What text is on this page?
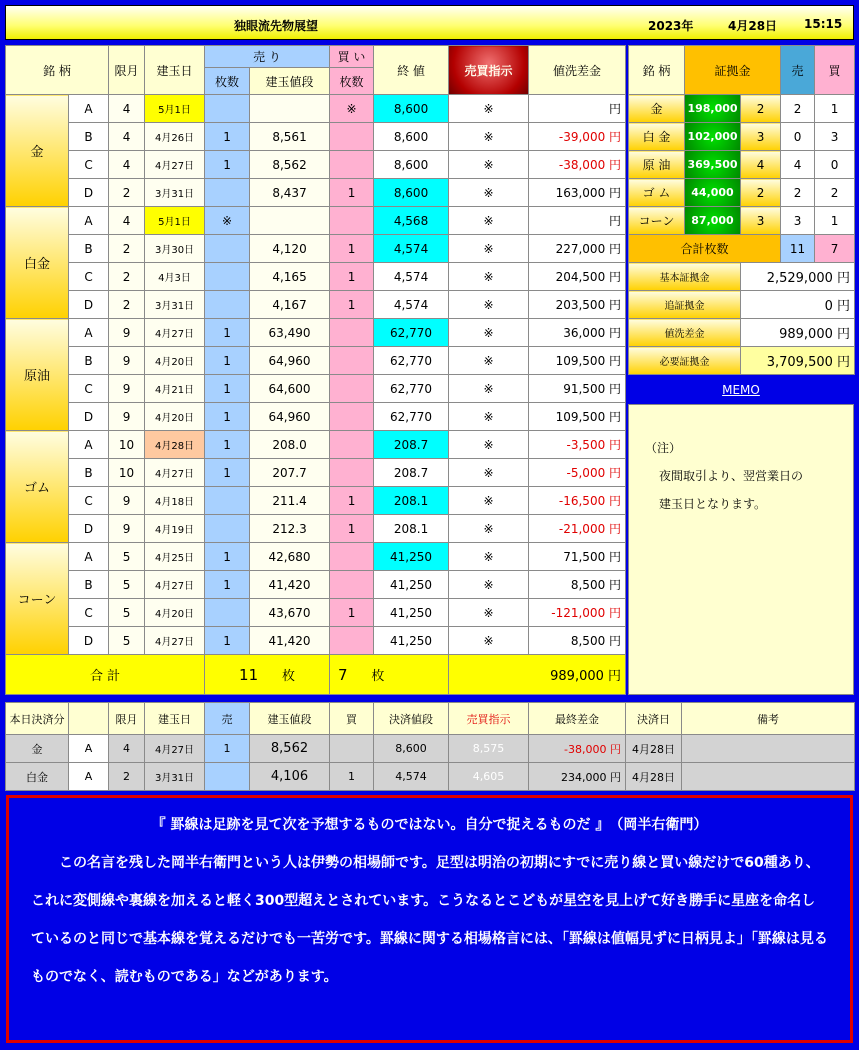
独眼流先物展望	2023年	4月28日 15:15
銘 柄		限月	建玉日	売 り		買 い	終 値	売買指示	値洗差金
				枚数	建玉値段	枚数			
金	A	4	5月1日			※	8,600	※	円
	B	4	4月26日	1	8,561		8,600	※	-39,000 円
	C	4	4月27日	1	8,562		8,600	※	-38,000 円
	D	2	3月31日		8,437	1	8,600	※	163,000 円
白金	A	4	5月1日	※			4,568	※	円
	B	2	3月30日		4,120	1	4,574	※	227,000 円
	C	2	4月3日		4,165	1	4,574	※	204,500 円
	D	2	3月31日		4,167	1	4,574	※	203,500 円
原油	A	9	4月27日	1	63,490		62,770	※	36,000 円
	B	9	4月20日	1	64,960		62,770	※	109,500 円
	C	9	4月21日	1	64,600		62,770	※	91,500 円
	D	9	4月20日	1	64,960		62,770	※	109,500 円
ゴム	A	10	4月28日	1	208.0		208.7	※	-3,500 円
	B	10	4月27日	1	207.7		208.7	※	-5,000 円
	C	9	4月18日		211.4	1	208.1	※	-16,500 円
	D	9	4月19日		212.3	1	208.1	※	-21,000 円
コーン	A	5	4月25日	1	42,680		41,250	※	71,500 円
	B	5	4月27日	1	41,420		41,250	※	8,500 円
	C	5	4月20日		43,670	1	41,250	※	-121,000 円
	D	5	4月27日	1	41,420		41,250	※	8,500 円
合 計				11 枚		7 枚		989,000 円	
銘 柄	証拠金		売	買
金	198,000	2	2	1
白 金	102,000	3	0	3
原 油	369,500	4	4	0
ゴ ム	44,000	2	2	2
コーン	87,000	3	3	1
合計枚数			11	7
基本証拠金		2,529,000 円		
追証拠金		0 円		
値洗差金		989,000 円		
必要証拠金		3,709,500 円		
MEMO
（注）
夜間取引より、翌営業日の
建玉日となります。
本日決済分		限月	建玉日	売	建玉値段	買	決済値段	売買指示	最終差金	決済日	備考
金	A	4	4月27日	1	8,562		8,600	8,575	-38,000 円	4月28日	
白金	A	2	3月31日		4,106	1	4,574	4,605	234,000 円	4月28日	

『 罫線は足跡を見て次を予想するものではない。自分で捉えるものだ 』　（岡半右衛門）

この名言を残した岡半右衛門という人は伊勢の相場師です。足型は明治の初期にすでに売り線と買い線だけで60種あり、これに変側線や裏線を加えると軽く300型超えとされています。こうなるとこどもが星空を見上げて好き勝手に星座を命名しているのと同じで基本線を覚えるだけでも一苦労です。罫線に関する相場格言には、「罫線は値幅見ずに日柄見よ」「罫線は見るものでなく、読むものである」などがあります。
